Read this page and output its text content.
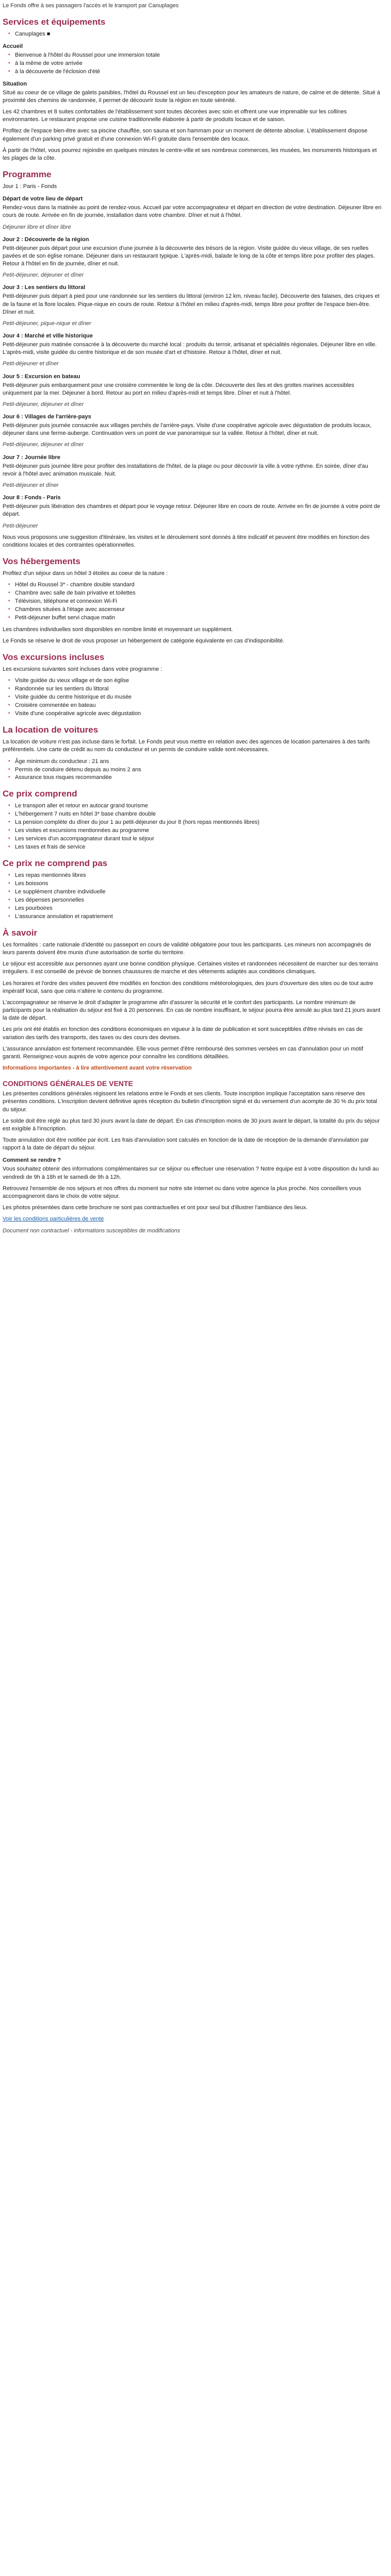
Le Fonds offre à ses passagers l'accès et le transport par Canuplages

Services et équipements
▪ Canuplages ■
Accueil
▪ Bienvenue à l'hôtel du Roussel pour une immersion totale
▪ à la même de votre arrivée
▪ à la découverte de l'éclosion d'été
Situation

Situé au coeur de ce village de galets paisibles, l'hôtel du Roussel est un lieu d'exception pour les amateurs de nature, de calme et de détente. Situé à proximité des chemins de randonnée, il permet de découvrir toute la région en toute sérénité.

Les 42 chambres et 8 suites confortables de l'établissement sont toutes décorées avec soin et offrent une vue imprenable sur les collines environnantes. Le restaurant propose une cuisine traditionnelle élaborée à partir de produits locaux et de saison.

Profitez de l'espace bien-être avec sa piscine chauffée, son sauna et son hammam pour un moment de détente absolue. L'établissement dispose également d'un parking privé gratuit et d'une connexion Wi-Fi gratuite dans l'ensemble des locaux.

À partir de l'hôtel, vous pourrez rejoindre en quelques minutes le centre-ville et ses nombreux commerces, les musées, les monuments historiques et les plages de la côte.

Programme

Jour 1 : Paris - Fonds

Départ de votre lieu de départ

Rendez-vous dans la matinée au point de rendez-vous. Accueil par votre accompagnateur et départ en direction de votre destination. Déjeuner libre en cours de route. Arrivée en fin de journée, installation dans votre chambre. Dîner et nuit à l'hôtel.

Déjeuner libre et dîner libre

Jour 2 : Découverte de la région

Petit-déjeuner puis départ pour une excursion d'une journée à la découverte des trésors de la région. Visite guidée du vieux village, de ses ruelles pavées et de son église romane. Déjeuner dans un restaurant typique. L'après-midi, balade le long de la côte et temps libre pour profiter des plages. Retour à l'hôtel en fin de journée, dîner et nuit.

Petit-déjeuner, déjeuner et dîner

Jour 3 : Les sentiers du littoral

Petit-déjeuner puis départ à pied pour une randonnée sur les sentiers du littoral (environ 12 km, niveau facile). Découverte des falaises, des criques et de la faune et la flore locales. Pique-nique en cours de route. Retour à l'hôtel en milieu d'après-midi, temps libre pour profiter de l'espace bien-être. Dîner et nuit.

Petit-déjeuner, pique-nique et dîner

Jour 4 : Marché et ville historique

Petit-déjeuner puis matinée consacrée à la découverte du marché local : produits du terroir, artisanat et spécialités régionales. Déjeuner libre en ville. L'après-midi, visite guidée du centre historique et de son musée d'art et d'histoire. Retour à l'hôtel, dîner et nuit.

Petit-déjeuner et dîner

Jour 5 : Excursion en bateau

Petit-déjeuner puis embarquement pour une croisière commentée le long de la côte. Découverte des îles et des grottes marines accessibles uniquement par la mer. Déjeuner à bord. Retour au port en milieu d'après-midi et temps libre. Dîner et nuit à l'hôtel.

Petit-déjeuner, déjeuner et dîner

Jour 6 : Villages de l'arrière-pays

Petit-déjeuner puis journée consacrée aux villages perchés de l'arrière-pays. Visite d'une coopérative agricole avec dégustation de produits locaux, déjeuner dans une ferme-auberge. Continuation vers un point de vue panoramique sur la vallée. Retour à l'hôtel, dîner et nuit.

Petit-déjeuner, déjeuner et dîner

Jour 7 : Journée libre

Petit-déjeuner puis journée libre pour profiter des installations de l'hôtel, de la plage ou pour découvrir la ville à votre rythme. En soirée, dîner d'au revoir à l'hôtel avec animation musicale. Nuit.

Petit-déjeuner et dîner

Jour 8 : Fonds - Paris

Petit-déjeuner puis libération des chambres et départ pour le voyage retour. Déjeuner libre en cours de route. Arrivée en fin de journée à votre point de départ.

Petit-déjeuner

Nous vous proposons une suggestion d'itinéraire, les visites et le déroulement sont donnés à titre indicatif et peuvent être modifiés en fonction des conditions locales et des contraintes opérationnelles.

Vos hébergements

Profitez d'un séjour dans un hôtel 3 étoiles au coeur de la nature :

▪ Hôtel du Roussel 3* - chambre double standard
▪ Chambre avec salle de bain privative et toilettes
▪ Télévision, téléphone et connexion Wi-Fi
▪ Chambres situées à l'étage avec ascenseur
▪ Petit-déjeuner buffet servi chaque matin

Les chambres individuelles sont disponibles en nombre limité et moyennant un supplément.

Le Fonds se réserve le droit de vous proposer un hébergement de catégorie équivalente en cas d'indisponibilité.

Vos excursions incluses

Les excursions suivantes sont incluses dans votre programme :

▪ Visite guidée du vieux village et de son église
▪ Randonnée sur les sentiers du littoral
▪ Visite guidée du centre historique et du musée
▪ Croisière commentée en bateau
▪ Visite d'une coopérative agricole avec dégustation
La location de voitures

La location de voiture n'est pas incluse dans le forfait. Le Fonds peut vous mettre en relation avec des agences de location partenaires à des tarifs préférentiels. Une carte de crédit au nom du conducteur et un permis de conduire valide sont nécessaires.

▪ Âge minimum du conducteur : 21 ans
▪ Permis de conduire détenu depuis au moins 2 ans
▪ Assurance tous risques recommandée
Ce prix comprend
▪ Le transport aller et retour en autocar grand tourisme
▪ L'hébergement 7 nuits en hôtel 3* base chambre double
▪ La pension complète du dîner du jour 1 au petit-déjeuner du jour 8 (hors repas mentionnés libres)
▪ Les visites et excursions mentionnées au programme
▪ Les services d'un accompagnateur durant tout le séjour
▪ Les taxes et frais de service
Ce prix ne comprend pas
▪ Les repas mentionnés libres
▪ Les boissons
▪ Le supplément chambre individuelle
▪ Les dépenses personnelles
▪ Les pourboires
▪ L'assurance annulation et rapatriement
À savoir

Les formalités : carte nationale d'identité ou passeport en cours de validité obligatoire pour tous les participants. Les mineurs non accompagnés de leurs parents doivent être munis d'une autorisation de sortie du territoire.

Le séjour est accessible aux personnes ayant une bonne condition physique. Certaines visites et randonnées nécessitent de marcher sur des terrains irréguliers. Il est conseillé de prévoir de bonnes chaussures de marche et des vêtements adaptés aux conditions climatiques.

Les horaires et l'ordre des visites peuvent être modifiés en fonction des conditions météorologiques, des jours d'ouverture des sites ou de tout autre impératif local, sans que cela n'altère le contenu du programme.

L'accompagnateur se réserve le droit d'adapter le programme afin d'assurer la sécurité et le confort des participants. Le nombre minimum de participants pour la réalisation du séjour est fixé à 20 personnes. En cas de nombre insuffisant, le séjour pourra être annulé au plus tard 21 jours avant la date de départ.

Les prix ont été établis en fonction des conditions économiques en vigueur à la date de publication et sont susceptibles d'être révisés en cas de variation des tarifs des transports, des taxes ou des cours des devises.

L'assurance annulation est fortement recommandée. Elle vous permet d'être remboursé des sommes versées en cas d'annulation pour un motif garanti. Renseignez-vous auprès de votre agence pour connaître les conditions détaillées.

Informations importantes - à lire attentivement avant votre réservation

CONDITIONS GÉNÉRALES DE VENTE

Les présentes conditions générales régissent les relations entre le Fonds et ses clients. Toute inscription implique l'acceptation sans réserve des présentes conditions. L'inscription devient définitive après réception du bulletin d'inscription signé et du versement d'un acompte de 30 % du prix total du séjour.

Le solde doit être réglé au plus tard 30 jours avant la date de départ. En cas d'inscription moins de 30 jours avant le départ, la totalité du prix du séjour est exigible à l'inscription.

Toute annulation doit être notifiée par écrit. Les frais d'annulation sont calculés en fonction de la date de réception de la demande d'annulation par rapport à la date de départ du séjour.

Comment se rendre ?

Vous souhaitez obtenir des informations complémentaires sur ce séjour ou effectuer une réservation ? Notre équipe est à votre disposition du lundi au vendredi de 9h à 18h et le samedi de 9h à 12h.

Retrouvez l'ensemble de nos séjours et nos offres du moment sur notre site internet ou dans votre agence la plus proche. Nos conseillers vous accompagneront dans le choix de votre séjour.

Les photos présentées dans cette brochure ne sont pas contractuelles et ont pour seul but d'illustrer l'ambiance des lieux.

Voir les conditions particulières de vente

Document non contractuel - informations susceptibles de modifications
